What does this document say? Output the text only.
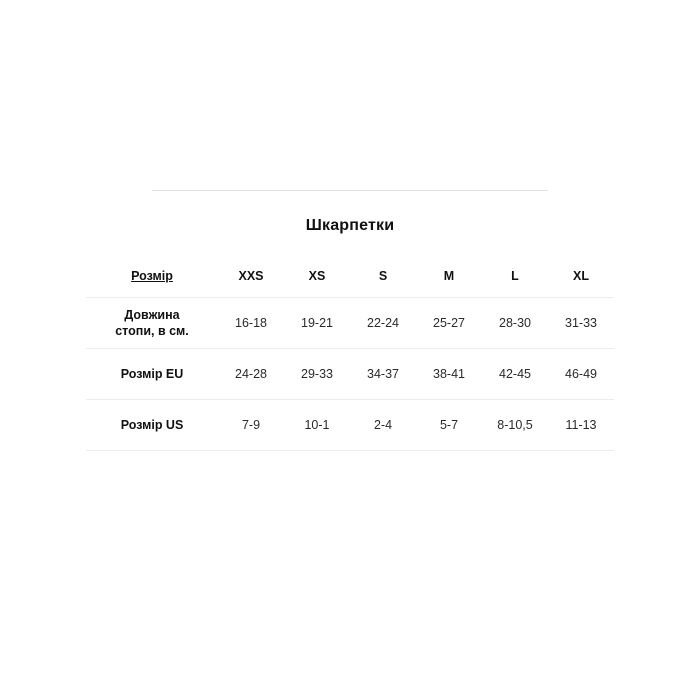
Шкарпетки
Розмір	XXS	XS	S	M	L	XL

Довжина
стопи, в см.	16-18	19-21	22-24	25-27	28-30	31-33
Розмір EU	24-28	29-33	34-37	38-41	42-45	46-49
Розмір US	7-9	10-1	2-4	5-7	8-10,5	11-13
